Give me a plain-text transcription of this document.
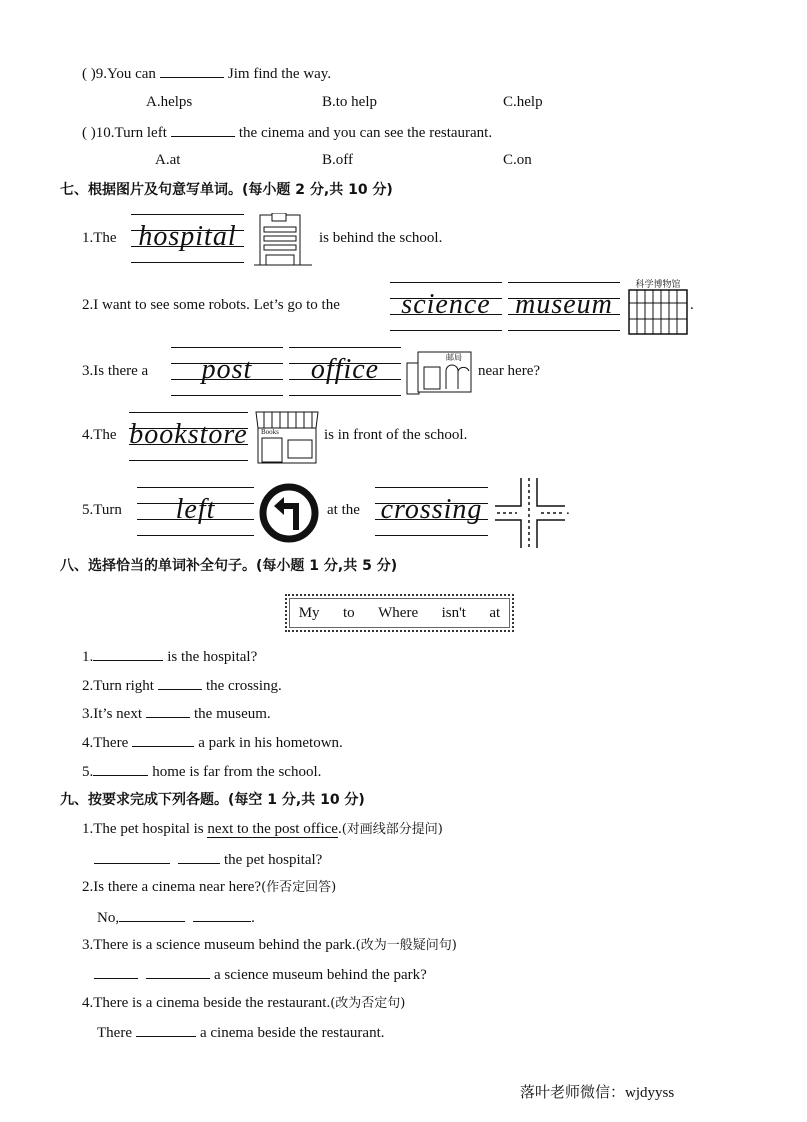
( )9.You can	Jim find the way.
A.helps	B.to help	C.help
( )10.Turn left	the cinema and you can see the restaurant.
A.at	B.off	C.on
七、根据图片及句意写单词。(每小题 2 分,共 10 分)
1.The hospital	is behind the school.
2.I want to see some robots. Let’s go to the	science museum
科学博物馆
.
3.Is there a	post	office	邮局
near here?
4.The bookstore Books	is in front of the school.
5.Turn	left	at the crossing	.
八、选择恰当的单词补全句子。(每小题 1 分,共 5 分)
My to Where isn't at
1.	is the hospital?
2.Turn right	the crossing.
3.It’s next	the museum.
4.There	a park in his hometown.
5.	home is far from the school.
九、按要求完成下列各题。(每空 1 分,共 10 分)
1.The pet hospital is next to the post office.(对画线部分提问)
the pet hospital?
2.Is there a cinema near here?(作否定回答)
No,	.
3.There is a science museum behind the park.(改为一般疑问句)
a science museum behind the park?
4.There is a cinema beside the restaurant.(改为否定句)
There	a cinema beside the restaurant.
落叶老师微信：wjdyyss
